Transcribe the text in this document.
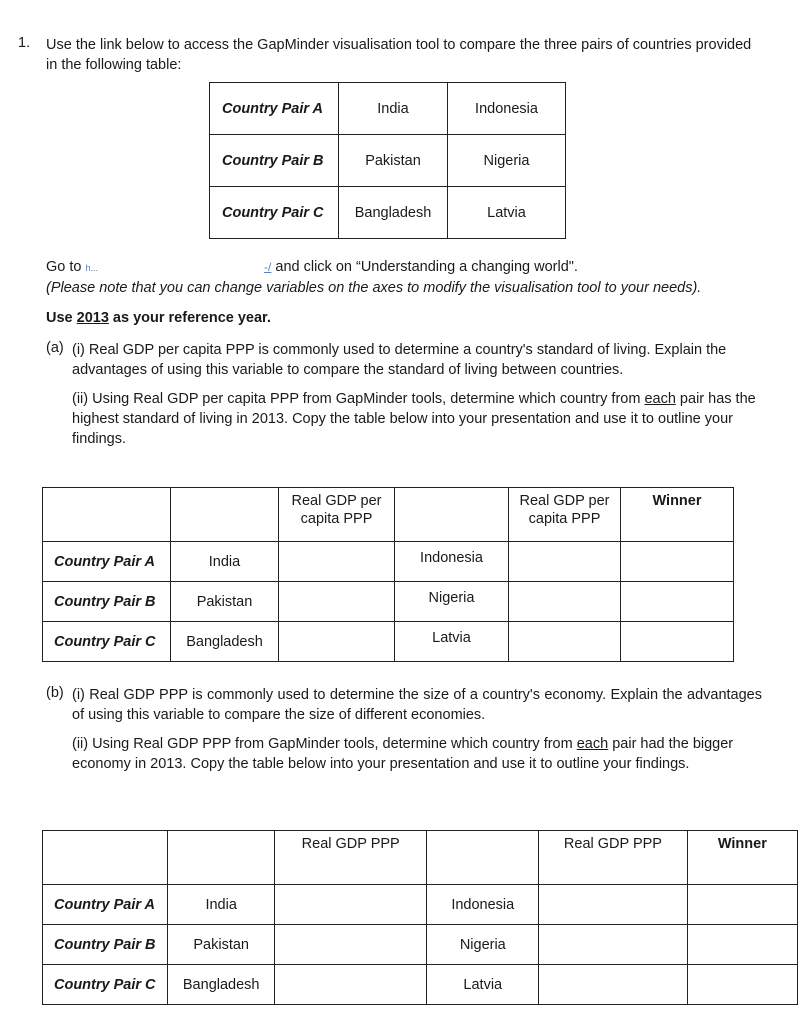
1. Use the link below to access the GapMinder visualisation tool to compare the three pairs of countries provided in the following table:
Country Pair A	India	Indonesia
Country Pair B	Pakistan	Nigeria
Country Pair C	Bangladesh	Latvia
Go to h...	-/ and click on “Understanding a changing world".
(Please note that you can change variables on the axes to modify the visualisation tool to your needs).
Use 2013 as your reference year.
(a) (i) Real GDP per capita PPP is commonly used to determine a country's standard of living. Explain the advantages of using this variable to compare the standard of living between countries.
(ii) Using Real GDP per capita PPP from GapMinder tools, determine which country from each pair has the highest standard of living in 2013. Copy the table below into your presentation and use it to outline your findings.
		Real GDP per capita PPP		Real GDP per capita PPP	Winner
Country Pair A	India		Indonesia		
Country Pair B	Pakistan		Nigeria		
Country Pair C	Bangladesh		Latvia		
(b) (i) Real GDP PPP is commonly used to determine the size of a country's economy. Explain the advantages of using this variable to compare the size of different economies.
(ii) Using Real GDP PPP from GapMinder tools, determine which country from each pair had the bigger economy in 2013. Copy the table below into your presentation and use it to outline your findings.
		Real GDP PPP		Real GDP PPP	Winner
Country Pair A	India		Indonesia		
Country Pair B	Pakistan		Nigeria		
Country Pair C	Bangladesh		Latvia		
